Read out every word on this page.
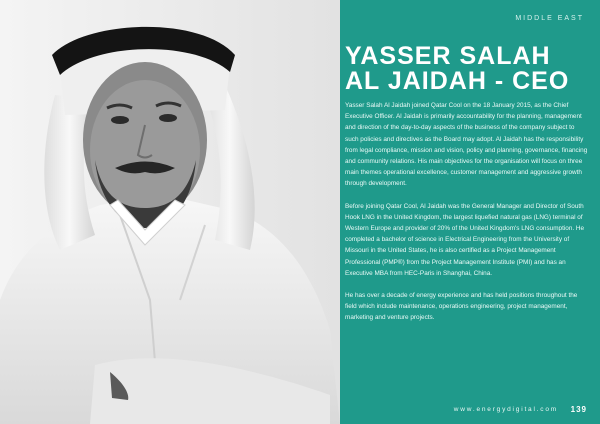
MIDDLE EAST
YASSER SALAH
AL JAIDAH - CEO

Yasser Salah Al Jaidah joined Qatar Cool on the 18 January 2015, as the Chief Executive Officer. Al Jaidah is primarily accountability for the planning, management and direction of the day-to-day aspects of the business of the company subject to such policies and directives as the Board may adopt. Al Jaidah has the responsibility from legal compliance, mission and vision, policy and planning, governance, financing and community relations. His main objectives for the organisation will focus on three main themes operational excellence, customer management and aggressive growth through development.

Before joining Qatar Cool, Al Jaidah was the General Manager and Director of South Hook LNG in the United Kingdom, the largest liquefied natural gas (LNG) terminal of Western Europe and provider of 20% of the United Kingdom's LNG consumption. He completed a bachelor of science in Electrical Engineering from the University of Missouri in the United States, he is also certified as a Project Management Professional (PMP®) from the Project Management Institute (PMI) and has an Executive MBA from HEC-Paris in Shanghai, China.

He has over a decade of energy experience and has held positions throughout the field which include maintenance, operations engineering, project management, marketing and venture projects.

www.energydigital.com 139
